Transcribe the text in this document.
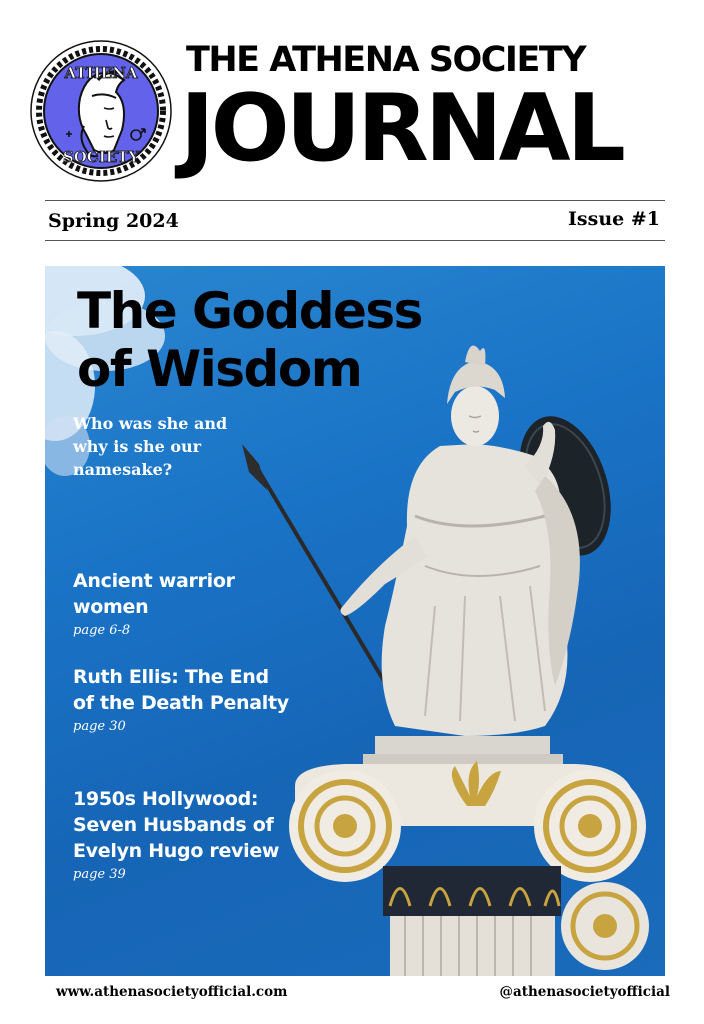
ATHENA
SOCIETY
THE ATHENA SOCIETY
JOURNAL
Spring 2024	Issue #1
The Goddess
of Wisdom
Who was she and why is she our namesake?
Ancient warrior women
page 6-8
Ruth Ellis: The End of the Death Penalty
page 30
1950s Hollywood: Seven Husbands of Evelyn Hugo review
page 39
www.athenasocietyofficial.com	@athenasocietyofficial
